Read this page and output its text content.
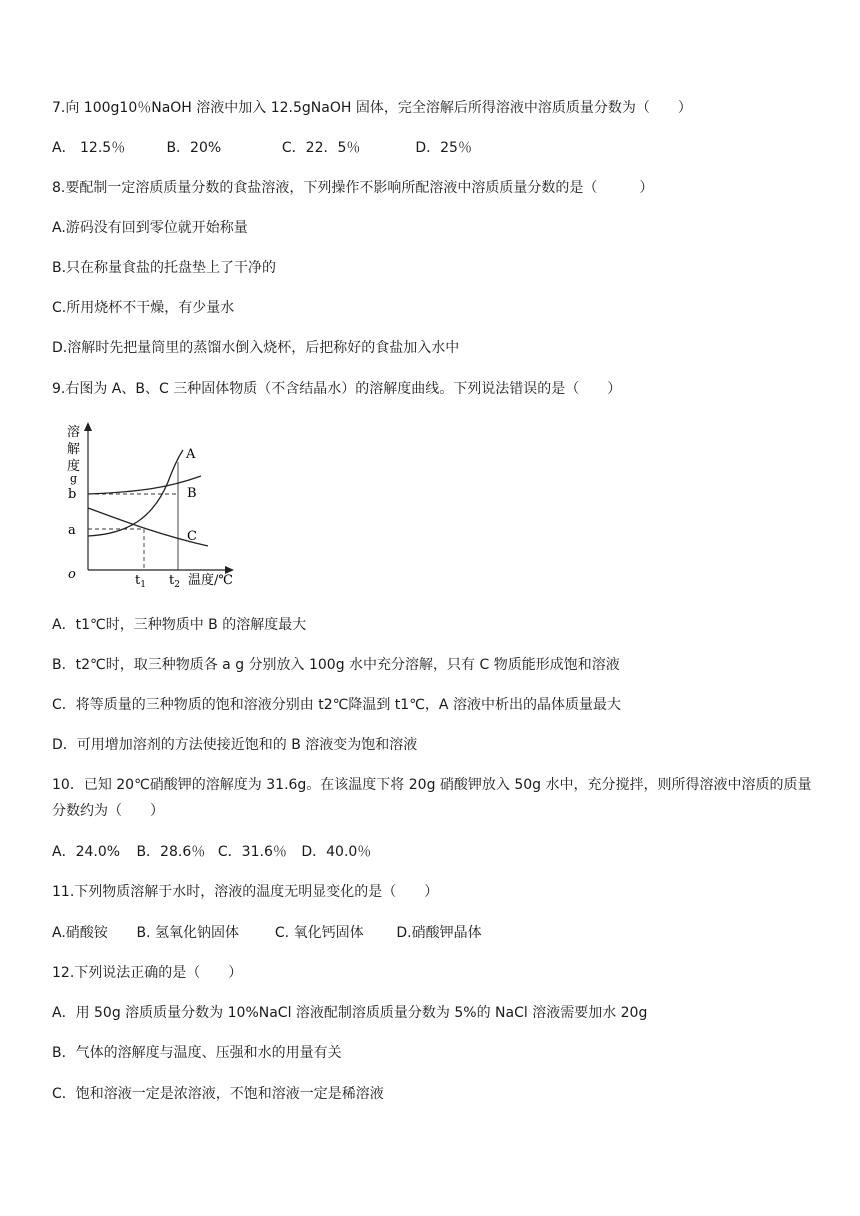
7.向 100g10％NaOH 溶液中加入 12.5gNaOH 固体，完全溶解后所得溶液中溶质质量分数为（　　）
A． 12.5％	B．20%	C．22．5％	D．25％
8.要配制一定溶质质量分数的食盐溶液，下列操作不影响所配溶液中溶质质量分数的是（　　　）
A.游码没有回到零位就开始称量
B.只在称量食盐的托盘垫上了干净的
C.所用烧杯不干燥，有少量水
D.溶解时先把量筒里的蒸馏水倒入烧杯，后把称好的食盐加入水中
9.右图为 A、B、C 三种固体物质（不含结晶水）的溶解度曲线。下列说法错误的是（　　）
溶
解
度
g
b
a
o	$t_1$ $t_2$ 温度/℃
A
B
C
A．t1℃时，三种物质中 B 的溶解度最大
B．t2℃时，取三种物质各 a g 分别放入 100g 水中充分溶解，只有 C 物质能形成饱和溶液
C．将等质量的三种物质的饱和溶液分别由 t2℃降温到 t1℃，A 溶液中析出的晶体质量最大
D．可用增加溶剂的方法使接近饱和的 B 溶液变为饱和溶液
10．已知 20℃硝酸钾的溶解度为 31.6g。在该温度下将 20g 硝酸钾放入 50g 水中，充分搅拌，则所得溶液中溶质的质量分数约为（　　）
A．24.0% B．28.6％ C．31.6％ D．40.0％
11.下列物质溶解于水时，溶液的温度无明显变化的是（　　）
A.硝酸铵 B. 氢氧化钠固体	C. 氧化钙固体 D.硝酸钾晶体
12.下列说法正确的是（　　）
A．用 50g 溶质质量分数为 10%NaCl 溶液配制溶质质量分数为 5%的 NaCl 溶液需要加水 20g
B．气体的溶解度与温度、压强和水的用量有关
C．饱和溶液一定是浓溶液，不饱和溶液一定是稀溶液
